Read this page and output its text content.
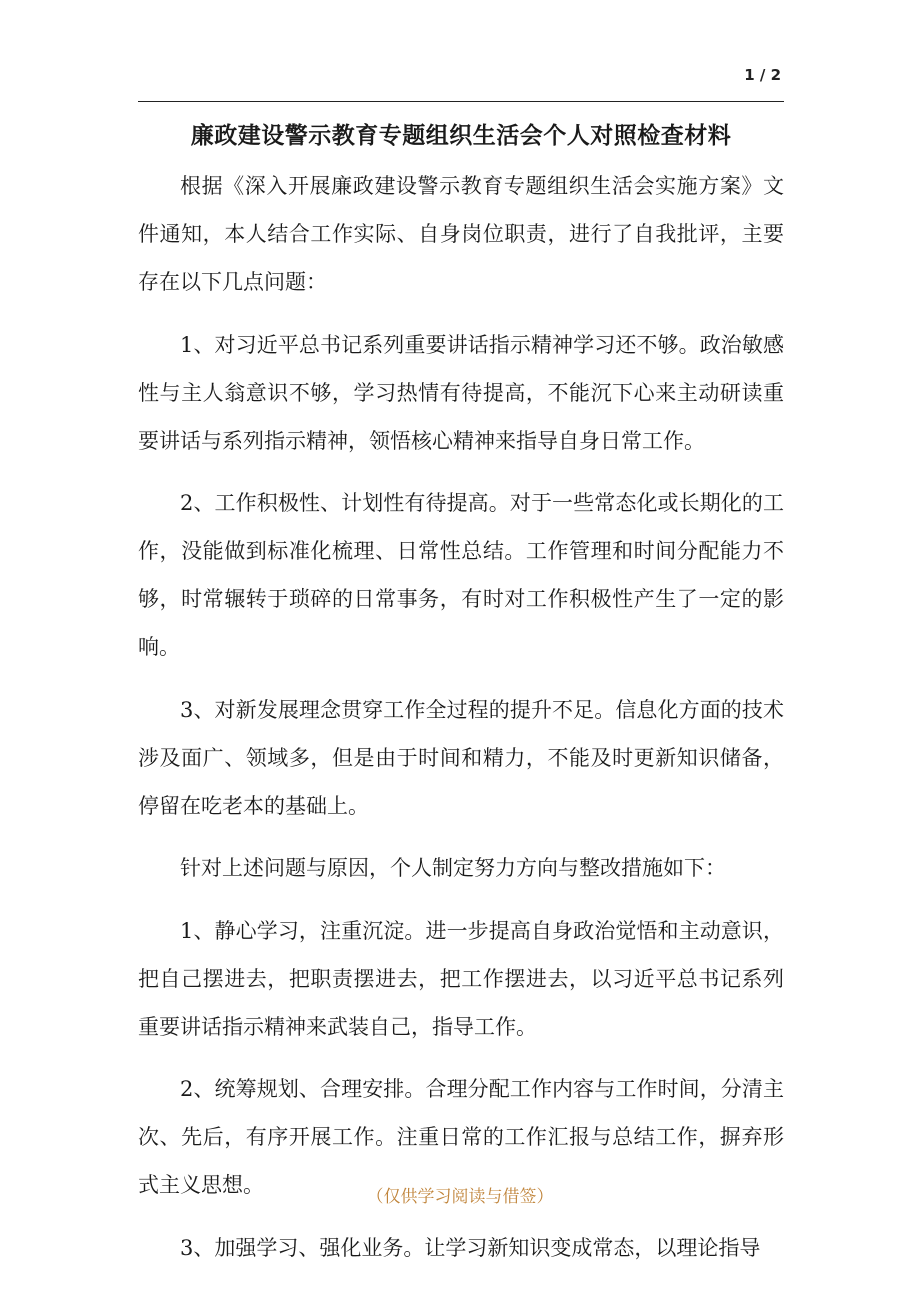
1 / 2
廉政建设警示教育专题组织生活会个人对照检查材料

根据《深入开展廉政建设警示教育专题组织生活会实施方案》文件通知，本人结合工作实际、自身岗位职责，进行了自我批评，主要存在以下几点问题：

1、对习近平总书记系列重要讲话指示精神学习还不够。政治敏感性与主人翁意识不够，学习热情有待提高，不能沉下心来主动研读重要讲话与系列指示精神，领悟核心精神来指导自身日常工作。

2、工作积极性、计划性有待提高。对于一些常态化或长期化的工作，没能做到标准化梳理、日常性总结。工作管理和时间分配能力不够，时常辗转于琐碎的日常事务，有时对工作积极性产生了一定的影响。

3、对新发展理念贯穿工作全过程的提升不足。信息化方面的技术涉及面广、领域多，但是由于时间和精力，不能及时更新知识储备，停留在吃老本的基础上。

针对上述问题与原因，个人制定努力方向与整改措施如下：

1、静心学习，注重沉淀。进一步提高自身政治觉悟和主动意识，把自己摆进去，把职责摆进去，把工作摆进去，以习近平总书记系列重要讲话指示精神来武装自己，指导工作。

2、统筹规划、合理安排。合理分配工作内容与工作时间，分清主次、先后，有序开展工作。注重日常的工作汇报与总结工作，摒弃形式主义思想。

3、加强学习、强化业务。让学习新知识变成常态，以理论指导

（仅供学习阅读与借签）
